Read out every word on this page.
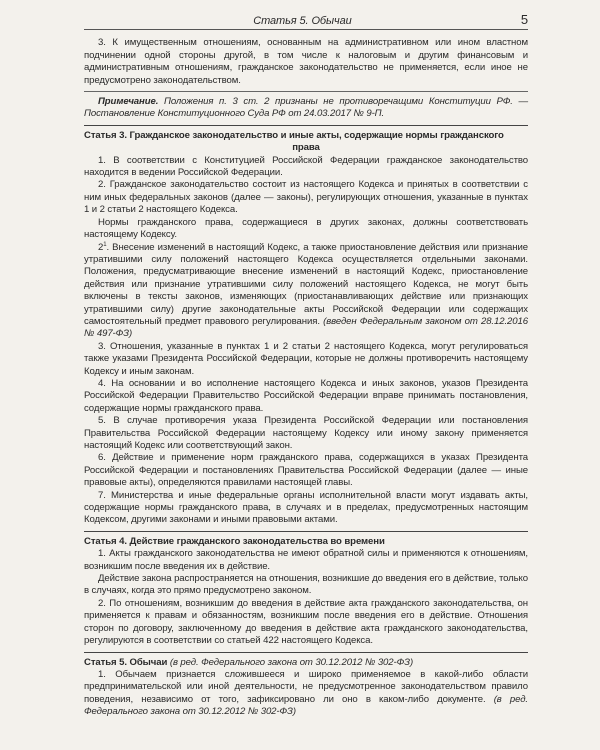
Статья 5. Обычаи	5

3. К имущественным отношениям, основанным на административном или ином властном подчинении одной стороны другой, в том числе к налоговым и другим финансовым и административным отношениям, гражданское законодательство не применяется, если иное не предусмотрено законодательством.

Примечание. Положения п. 3 ст. 2 признаны не противоречащими Конституции РФ. — Постановление Конституционного Суда РФ от 24.03.2017 № 9-П.

Статья 3. Гражданское законодательство и иные акты, содержащие нормы гражданского
права

1. В соответствии с Конституцией Российской Федерации гражданское законодательство находится в ведении Российской Федерации.

2. Гражданское законодательство состоит из настоящего Кодекса и принятых в соответствии с ним иных федеральных законов (далее — законы), регулирующих отношения, указанные в пунктах 1 и 2 статьи 2 настоящего Кодекса.

Нормы гражданского права, содержащиеся в других законах, должны соответствовать настоящему Кодексу.

$2^1$. Внесение изменений в настоящий Кодекс, а также приостановление действия или признание утратившими силу положений настоящего Кодекса осуществляется отдельными законами. Положения, предусматривающие внесение изменений в настоящий Кодекс, приостановление действия или признание утратившими силу положений настоящего Кодекса, не могут быть включены в тексты законов, изменяющих (приостанавливающих действие или признающих утратившими силу) другие законодательные акты Российской Федерации или содержащих самостоятельный предмет правового регулирования. (введен Федеральным законом от 28.12.2016 № 497-ФЗ)

3. Отношения, указанные в пунктах 1 и 2 статьи 2 настоящего Кодекса, могут регулироваться также указами Президента Российской Федерации, которые не должны противоречить настоящему Кодексу и иным законам.

4. На основании и во исполнение настоящего Кодекса и иных законов, указов Президента Российской Федерации Правительство Российской Федерации вправе принимать постановления, содержащие нормы гражданского права.

5. В случае противоречия указа Президента Российской Федерации или постановления Правительства Российской Федерации настоящему Кодексу или иному закону применяется настоящий Кодекс или соответствующий закон.

6. Действие и применение норм гражданского права, содержащихся в указах Президента Российской Федерации и постановлениях Правительства Российской Федерации (далее — иные правовые акты), определяются правилами настоящей главы.

7. Министерства и иные федеральные органы исполнительной власти могут издавать акты, содержащие нормы гражданского права, в случаях и в пределах, предусмотренных настоящим Кодексом, другими законами и иными правовыми актами.

Статья 4. Действие гражданского законодательства во времени

1. Акты гражданского законодательства не имеют обратной силы и применяются к отношениям, возникшим после введения их в действие.

Действие закона распространяется на отношения, возникшие до введения его в действие, только в случаях, когда это прямо предусмотрено законом.

2. По отношениям, возникшим до введения в действие акта гражданского законодательства, он применяется к правам и обязанностям, возникшим после введения его в действие. Отношения сторон по договору, заключенному до введения в действие акта гражданского законодательства, регулируются в соответствии со статьей 422 настоящего Кодекса.

Статья 5. Обычаи (в ред. Федерального закона от 30.12.2012 № 302-ФЗ)

1. Обычаем признается сложившееся и широко применяемое в какой-либо области предпринимательской или иной деятельности, не предусмотренное законодательством правило поведения, независимо от того, зафиксировано ли оно в каком-либо документе. (в ред. Федерального закона от 30.12.2012 № 302-ФЗ)
